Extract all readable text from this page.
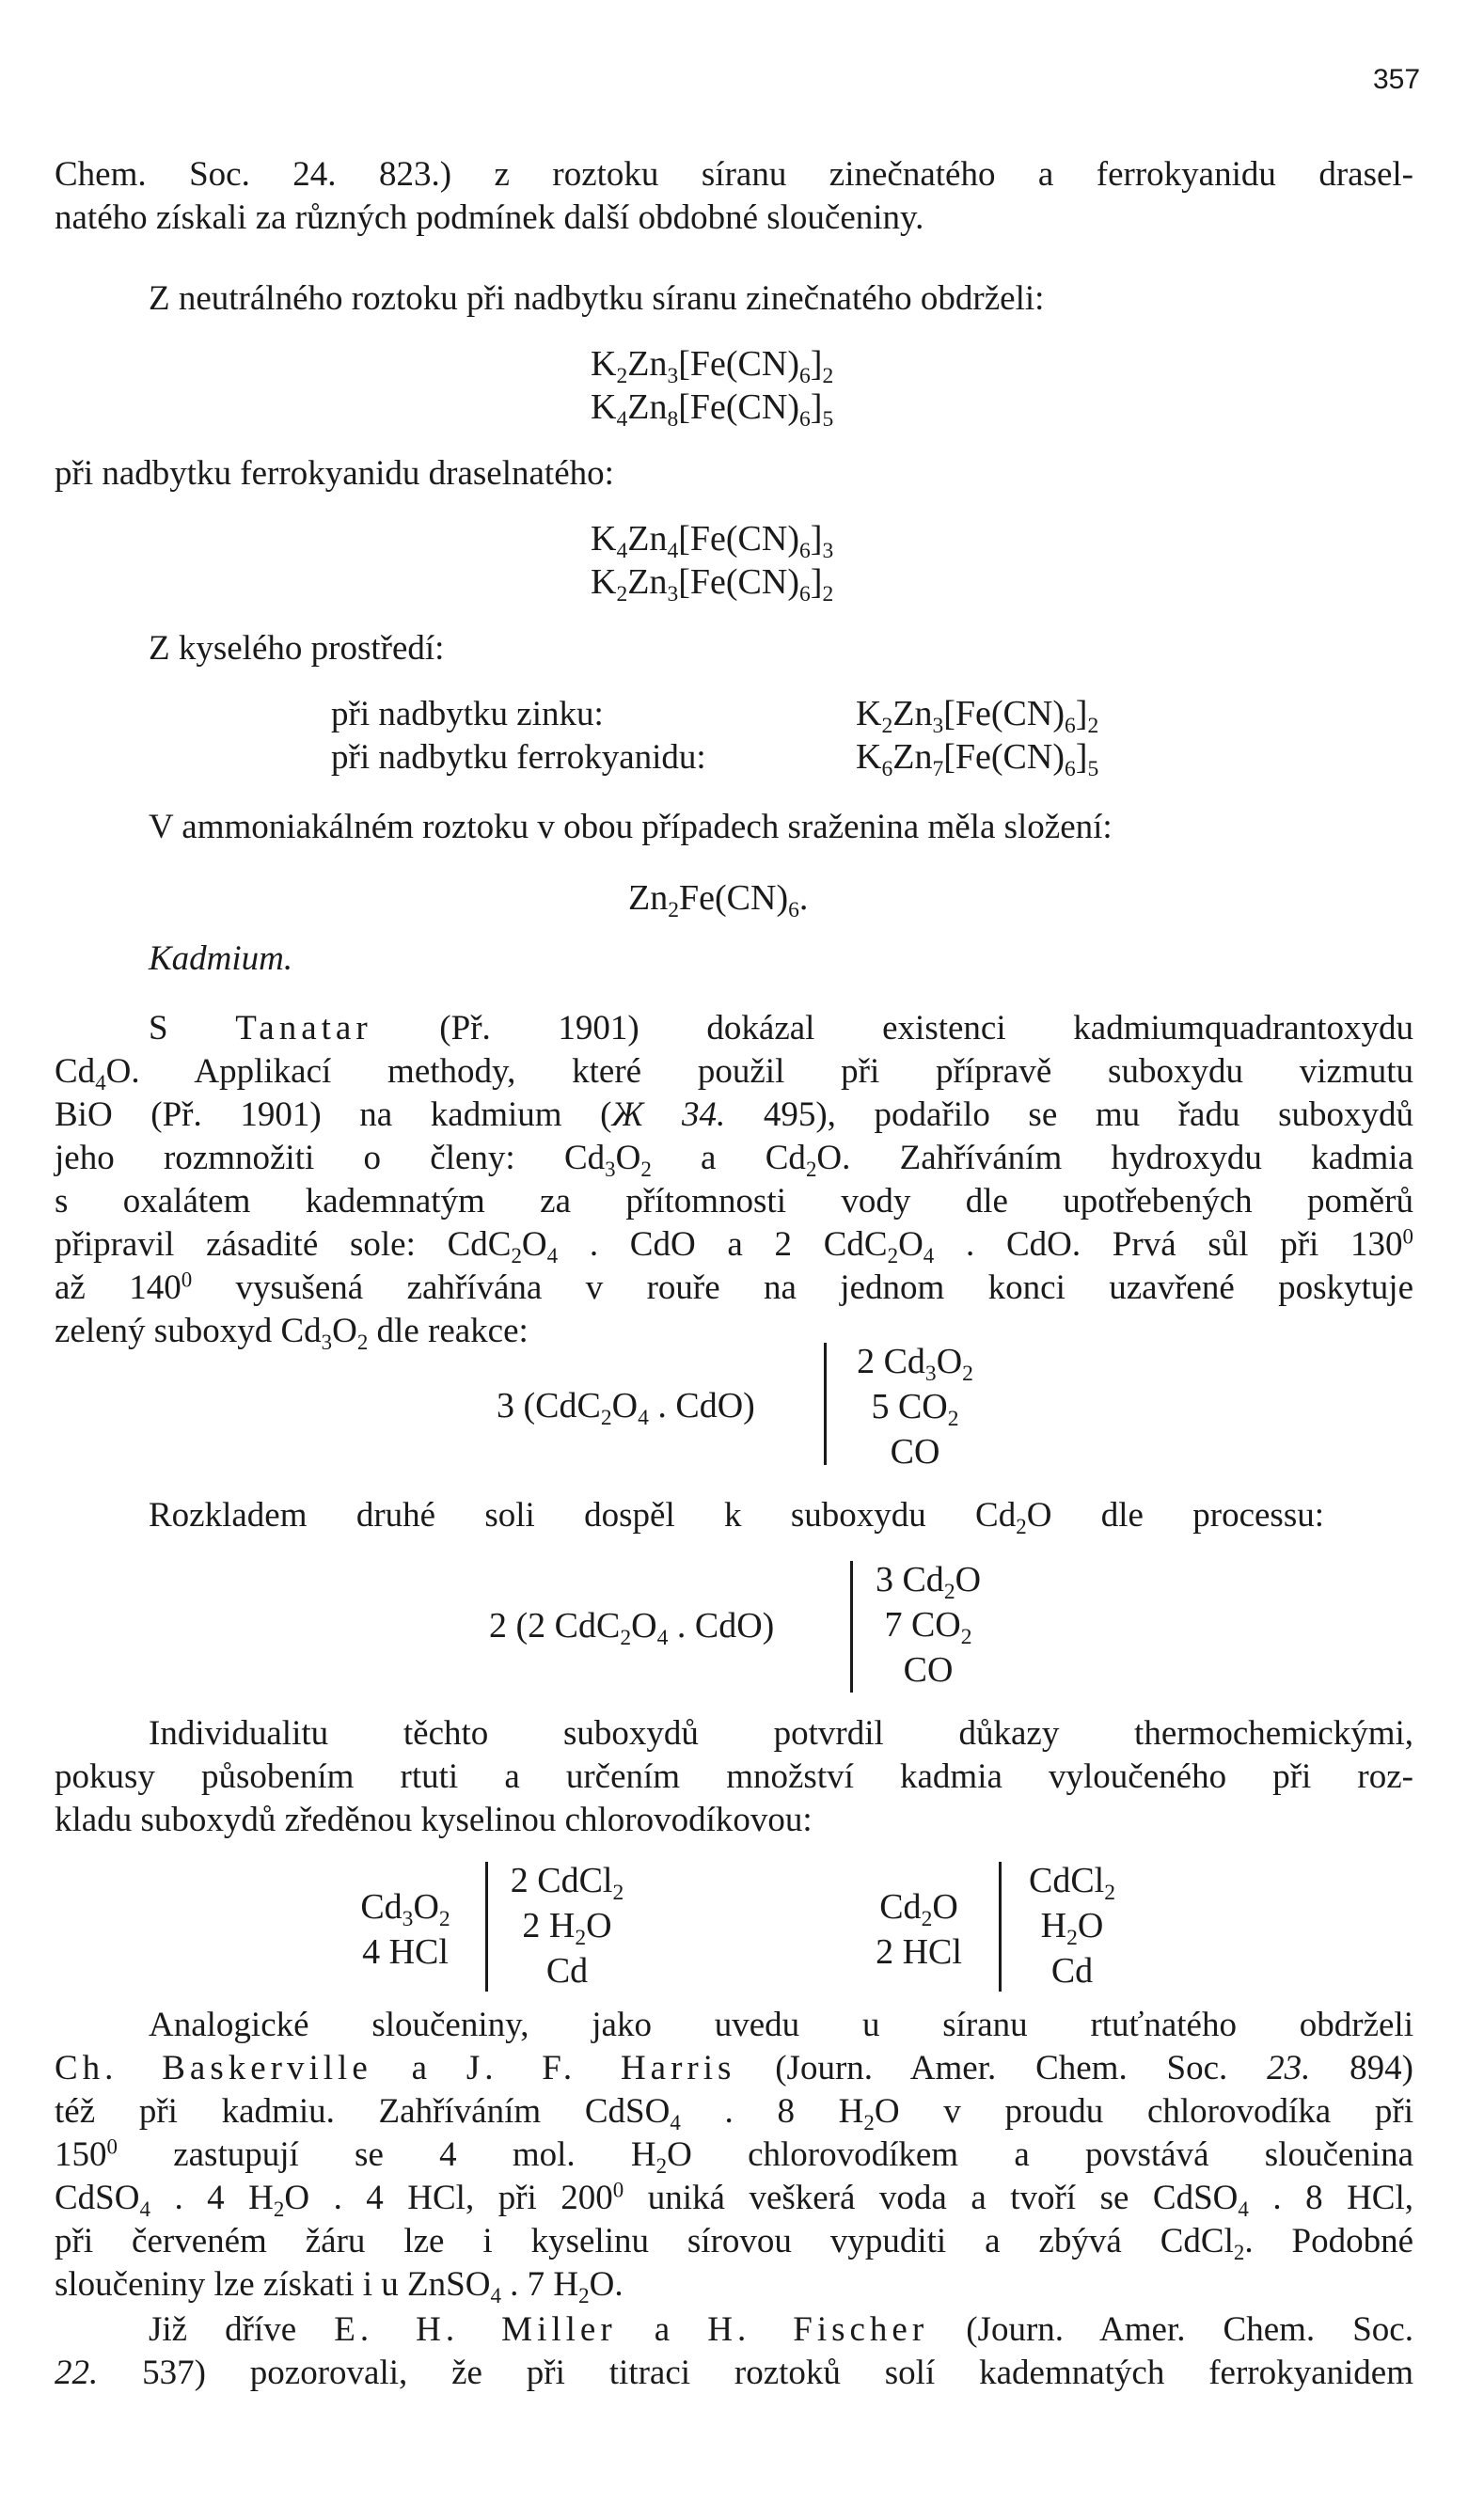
357
Chem. Soc. 24. 823.) z roztoku síranu zinečnatého a ferrokyanidu drasel-
natého získali za různých podmínek další obdobné sloučeniny.
Z neutrálného roztoku při nadbytku síranu zinečnatého obdrželi:
$K_2Zn_3[Fe(CN)_6]_2$
$K_4Zn_8[Fe(CN)_6]_5$
při nadbytku ferrokyanidu draselnatého:
$K_4Zn_4[Fe(CN)_6]_3$
$K_2Zn_3[Fe(CN)_6]_2$
Z kyselého prostředí:
při nadbytku zinku:	$K_2Zn_3[Fe(CN)_6]_2$
při nadbytku ferrokyanidu:	$K_6Zn_7[Fe(CN)_6]_5$
V ammoniakálném roztoku v obou případech sraženina měla složení:
$Zn_2Fe(CN)_6$.
Kadmium.
S Tanatar (Př. 1901) dokázal existenci kadmiumquadrantoxydu
$Cd_4O$. Applikací methody, které použil při přípravě suboxydu vizmutu
BiO (Př. 1901) na kadmium (Ж 34. 495), podařilo se mu řadu suboxydů
jeho rozmnožiti o členy: $Cd_3O_2$ a $Cd_2O$. Zahříváním hydroxydu kadmia
s oxalátem kademnatým za přítomnosti vody dle upotřebených poměrů
připravil zásadité sole: $CdC_2O_4$ . CdO a 2 $CdC_2O_4$ . CdO. Prvá sůl při $130^0$
až $140^0$ vysušená zahřívána v rouře na jednom konci uzavřené poskytuje
zelený suboxyd $Cd_3O_2$ dle reakce:
3 ($CdC_2O_4$ . CdO)
2 $Cd_3O_2$
5 $CO_2$
CO
Rozkladem druhé soli dospěl k suboxydu $Cd_2O$ dle processu:
2 (2 $CdC_2O_4$ . CdO)
3 $Cd_2O$
7 $CO_2$
CO
Individualitu těchto suboxydů potvrdil důkazy thermochemickými,
pokusy působením rtuti a určením množství kadmia vyloučeného při roz-
kladu suboxydů zředěnou kyselinou chlorovodíkovou:
$Cd_3O_2$
4 HCl
2 CdCl$_2$
2 $H_2O$
Cd
$Cd_2O$
2 HCl
CdCl$_2$
$H_2O$
Cd
Analogické sloučeniny, jako uvedu u síranu rtuťnatého obdrželi
Ch. Baskerville a J. F. Harris (Journ. Amer. Chem. Soc. 23. 894)
též při kadmiu. Zahříváním CdSO$_4$ . 8 $H_2O$ v proudu chlorovodíka při
$150^0$ zastupují se 4 mol. $H_2O$ chlorovodíkem a povstává sloučenina
CdSO$_4$ . 4 $H_2O$ . 4 HCl, při $200^0$ uniká veškerá voda a tvoří se CdSO$_4$ . 8 HCl,
při červeném žáru lze i kyselinu sírovou vypuditi a zbývá CdCl$_2$. Podobné
sloučeniny lze získati i u ZnSO$_4$ . 7 $H_2O$.
Již dříve E. H. Miller a H. Fischer (Journ. Amer. Chem. Soc.
22. 537) pozorovali, že při titraci roztoků solí kademnatých ferrokyanidem
